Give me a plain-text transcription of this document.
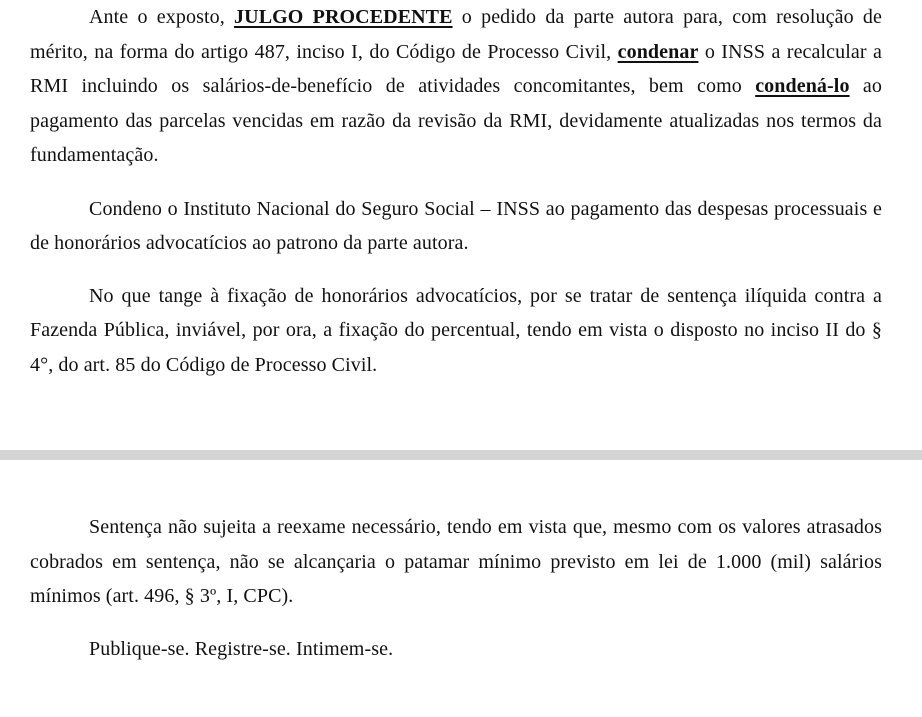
Ante o exposto, JULGO PROCEDENTE o pedido da parte autora para, com resolução de mérito, na forma do artigo 487, inciso I, do Código de Processo Civil, condenar o INSS a recalcular a RMI incluindo os salários-de-benefício de atividades concomitantes, bem como condená-lo ao pagamento das parcelas vencidas em razão da revisão da RMI, devidamente atualizadas nos termos da fundamentação.

Condeno o Instituto Nacional do Seguro Social – INSS ao pagamento das despesas processuais e de honorários advocatícios ao patrono da parte autora.

No que tange à fixação de honorários advocatícios, por se tratar de sentença ilíquida contra a Fazenda Pública, inviável, por ora, a fixação do percentual, tendo em vista o disposto no inciso II do § 4°, do art. 85 do Código de Processo Civil.

Sentença não sujeita a reexame necessário, tendo em vista que, mesmo com os valores atrasados cobrados em sentença, não se alcançaria o patamar mínimo previsto em lei de 1.000 (mil) salários mínimos (art. 496, § 3º, I, CPC).

Publique-se. Registre-se. Intimem-se.
